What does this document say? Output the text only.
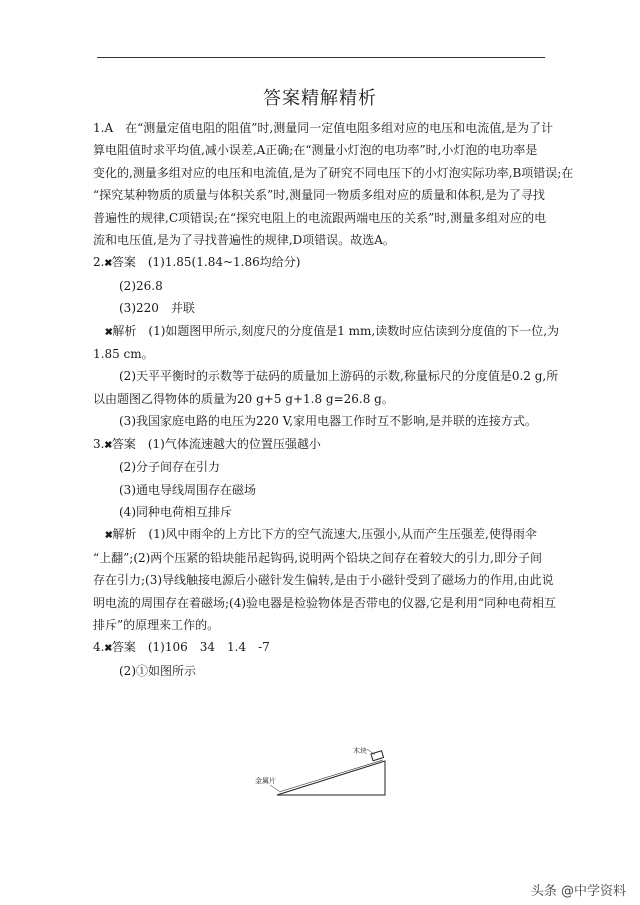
答案精解精析

1.A　在“测量定值电阻的阻值”时,测量同一定值电阻多组对应的电压和电流值,是为了计

算电阻值时求平均值,减小误差,A正确;在“测量小灯泡的电功率”时,小灯泡的电功率是

变化的,测量多组对应的电压和电流值,是为了研究不同电压下的小灯泡实际功率,B项错误;在

“探究某种物质的质量与体积关系”时,测量同一物质多组对应的质量和体积,是为了寻找

普遍性的规律,C项错误;在“探究电阻上的电流跟两端电压的关系”时,测量多组对应的电

流和电压值,是为了寻找普遍性的规律,D项错误。故选A。

2.🞭答案　(1)1.85(1.84~1.86均给分)

(2)26.8

(3)220　并联

🞭解析　(1)如题图甲所示,刻度尺的分度值是1 mm,读数时应估读到分度值的下一位,为

1.85 cm。

(2)天平平衡时的示数等于砝码的质量加上游码的示数,称量标尺的分度值是0.2 g,所

以由题图乙得物体的质量为20 g+5 g+1.8 g=26.8 g。

(3)我国家庭电路的电压为220 V,家用电器工作时互不影响,是并联的连接方式。

3.🞭答案　(1)气体流速越大的位置压强越小

(2)分子间存在引力

(3)通电导线周围存在磁场

(4)同种电荷相互排斥

🞭解析　(1)风中雨伞的上方比下方的空气流速大,压强小,从而产生压强差,使得雨伞

“上翻”;(2)两个压紧的铅块能吊起钩码,说明两个铅块之间存在着较大的引力,即分子间

存在引力;(3)导线触接电源后小磁针发生偏转,是由于小磁针受到了磁场力的作用,由此说

明电流的周围存在着磁场;(4)验电器是检验物体是否带电的仪器,它是利用“同种电荷相互

排斥”的原理来工作的。

4.🞭答案　(1)106　34　1.4　-7

(2)①如图所示

木块
金属片
头条 @中学资料
